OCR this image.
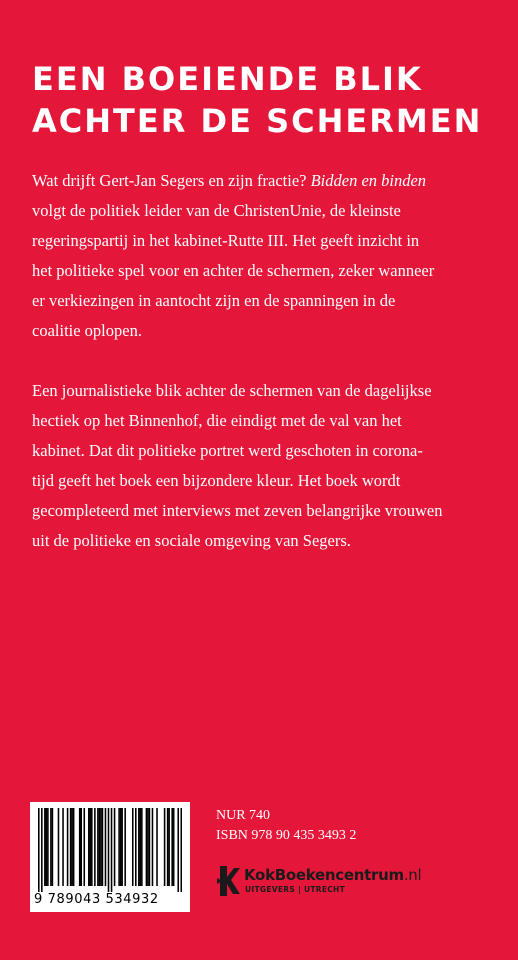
EEN BOEIENDE BLIK
ACHTER DE SCHERMEN

Wat drijft Gert-Jan Segers en zijn fractie? Bidden en binden
volgt de politiek leider van de ChristenUnie, de kleinste
regeringspartij in het kabinet-Rutte III. Het geeft inzicht in
het politieke spel voor en achter de schermen, zeker wanneer
er verkiezingen in aantocht zijn en de spanningen in de
coalitie oplopen.

Een journalistieke blik achter de schermen van de dagelijkse
hectiek op het Binnenhof, die eindigt met de val van het
kabinet. Dat dit politieke portret werd geschoten in corona-
tijd geeft het boek een bijzondere kleur. Het boek wordt
gecompleteerd met interviews met zeven belangrijke vrouwen
uit de politieke en sociale omgeving van Segers.

9 789043 534932
NUR 740
ISBN 978 90 435 3493 2
KokBoekencentrum.nl
UITGEVERS | UTRECHT
